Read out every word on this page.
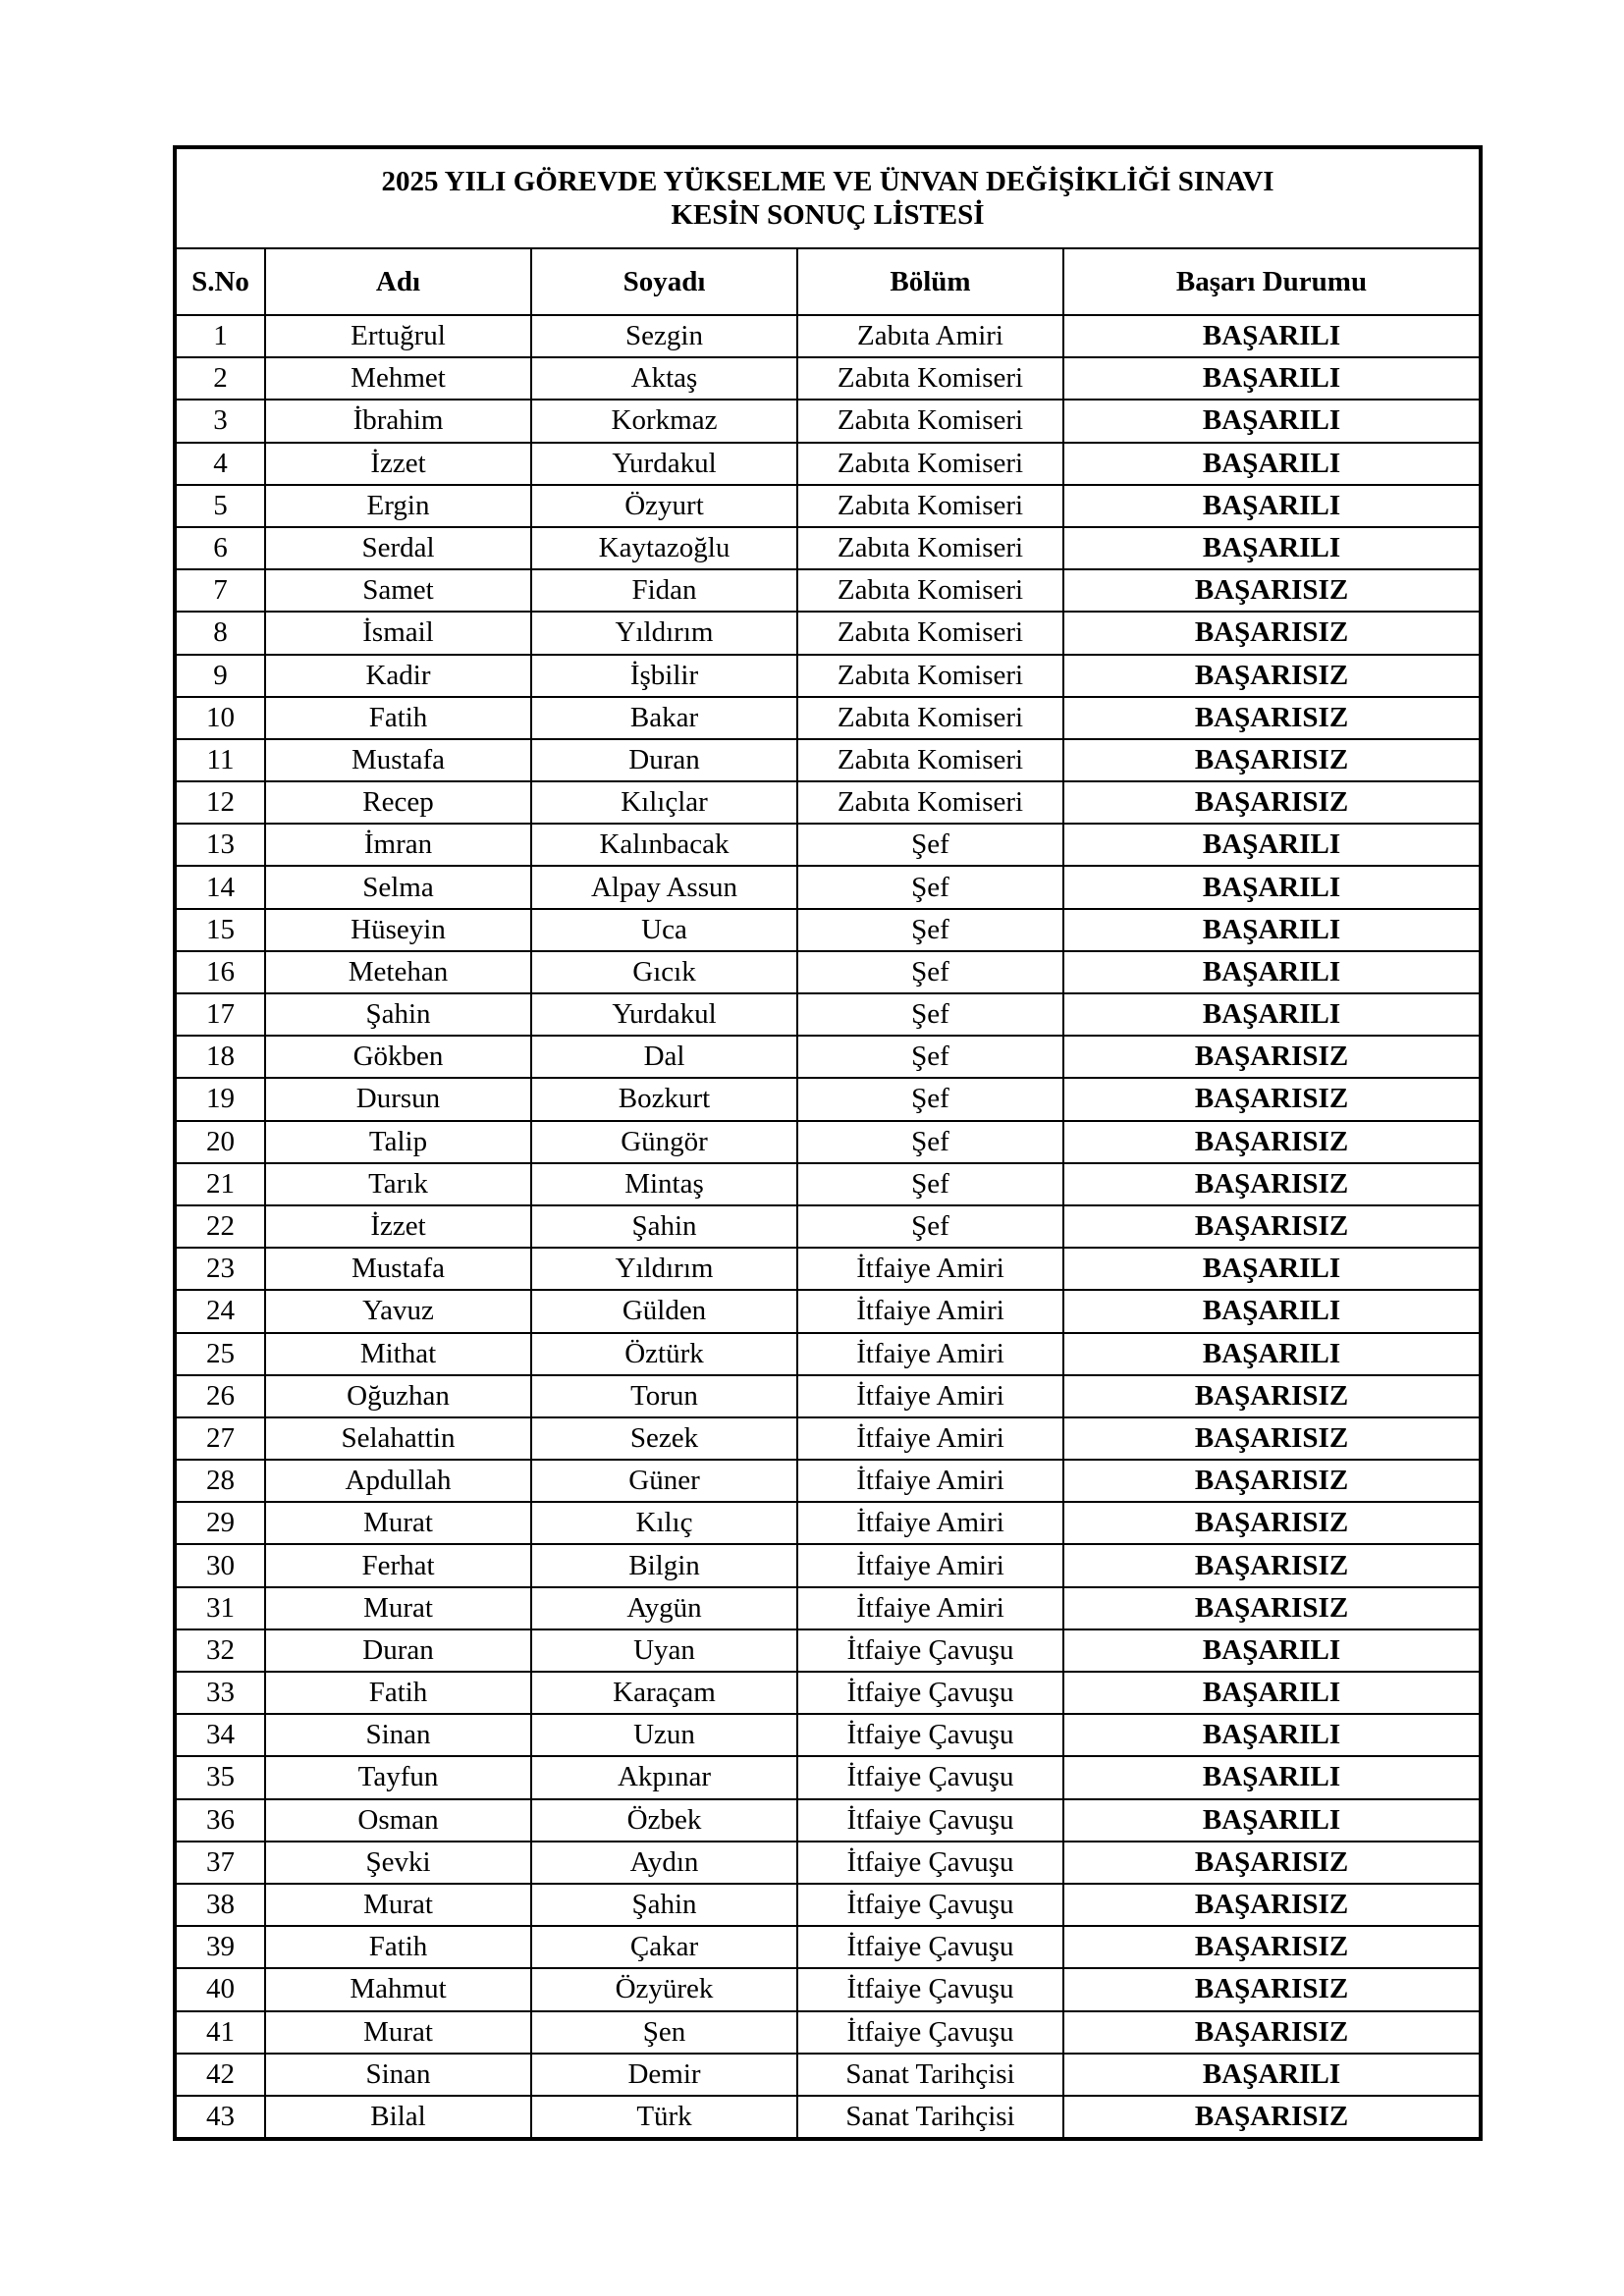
2025 YILI GÖREVDE YÜKSELME VE ÜNVAN DEĞİŞİKLİĞİ SINAVI
KESİN SONUÇ LİSTESİ				

S.No	Adı	Soyadı	Bölüm	Başarı Durumu
1	Ertuğrul	Sezgin	Zabıta Amiri	BAŞARILI
2	Mehmet	Aktaş	Zabıta Komiseri	BAŞARILI
3	İbrahim	Korkmaz	Zabıta Komiseri	BAŞARILI
4	İzzet	Yurdakul	Zabıta Komiseri	BAŞARILI
5	Ergin	Özyurt	Zabıta Komiseri	BAŞARILI
6	Serdal	Kaytazoğlu	Zabıta Komiseri	BAŞARILI
7	Samet	Fidan	Zabıta Komiseri	BAŞARISIZ
8	İsmail	Yıldırım	Zabıta Komiseri	BAŞARISIZ
9	Kadir	İşbilir	Zabıta Komiseri	BAŞARISIZ
10	Fatih	Bakar	Zabıta Komiseri	BAŞARISIZ
11	Mustafa	Duran	Zabıta Komiseri	BAŞARISIZ
12	Recep	Kılıçlar	Zabıta Komiseri	BAŞARISIZ
13	İmran	Kalınbacak	Şef	BAŞARILI
14	Selma	Alpay Assun	Şef	BAŞARILI
15	Hüseyin	Uca	Şef	BAŞARILI
16	Metehan	Gıcık	Şef	BAŞARILI
17	Şahin	Yurdakul	Şef	BAŞARILI
18	Gökben	Dal	Şef	BAŞARISIZ
19	Dursun	Bozkurt	Şef	BAŞARISIZ
20	Talip	Güngör	Şef	BAŞARISIZ
21	Tarık	Mintaş	Şef	BAŞARISIZ
22	İzzet	Şahin	Şef	BAŞARISIZ
23	Mustafa	Yıldırım	İtfaiye Amiri	BAŞARILI
24	Yavuz	Gülden	İtfaiye Amiri	BAŞARILI
25	Mithat	Öztürk	İtfaiye Amiri	BAŞARILI
26	Oğuzhan	Torun	İtfaiye Amiri	BAŞARISIZ
27	Selahattin	Sezek	İtfaiye Amiri	BAŞARISIZ
28	Apdullah	Güner	İtfaiye Amiri	BAŞARISIZ
29	Murat	Kılıç	İtfaiye Amiri	BAŞARISIZ
30	Ferhat	Bilgin	İtfaiye Amiri	BAŞARISIZ
31	Murat	Aygün	İtfaiye Amiri	BAŞARISIZ
32	Duran	Uyan	İtfaiye Çavuşu	BAŞARILI
33	Fatih	Karaçam	İtfaiye Çavuşu	BAŞARILI
34	Sinan	Uzun	İtfaiye Çavuşu	BAŞARILI
35	Tayfun	Akpınar	İtfaiye Çavuşu	BAŞARILI
36	Osman	Özbek	İtfaiye Çavuşu	BAŞARILI
37	Şevki	Aydın	İtfaiye Çavuşu	BAŞARISIZ
38	Murat	Şahin	İtfaiye Çavuşu	BAŞARISIZ
39	Fatih	Çakar	İtfaiye Çavuşu	BAŞARISIZ
40	Mahmut	Özyürek	İtfaiye Çavuşu	BAŞARISIZ
41	Murat	Şen	İtfaiye Çavuşu	BAŞARISIZ
42	Sinan	Demir	Sanat Tarihçisi	BAŞARILI
43	Bilal	Türk	Sanat Tarihçisi	BAŞARISIZ
